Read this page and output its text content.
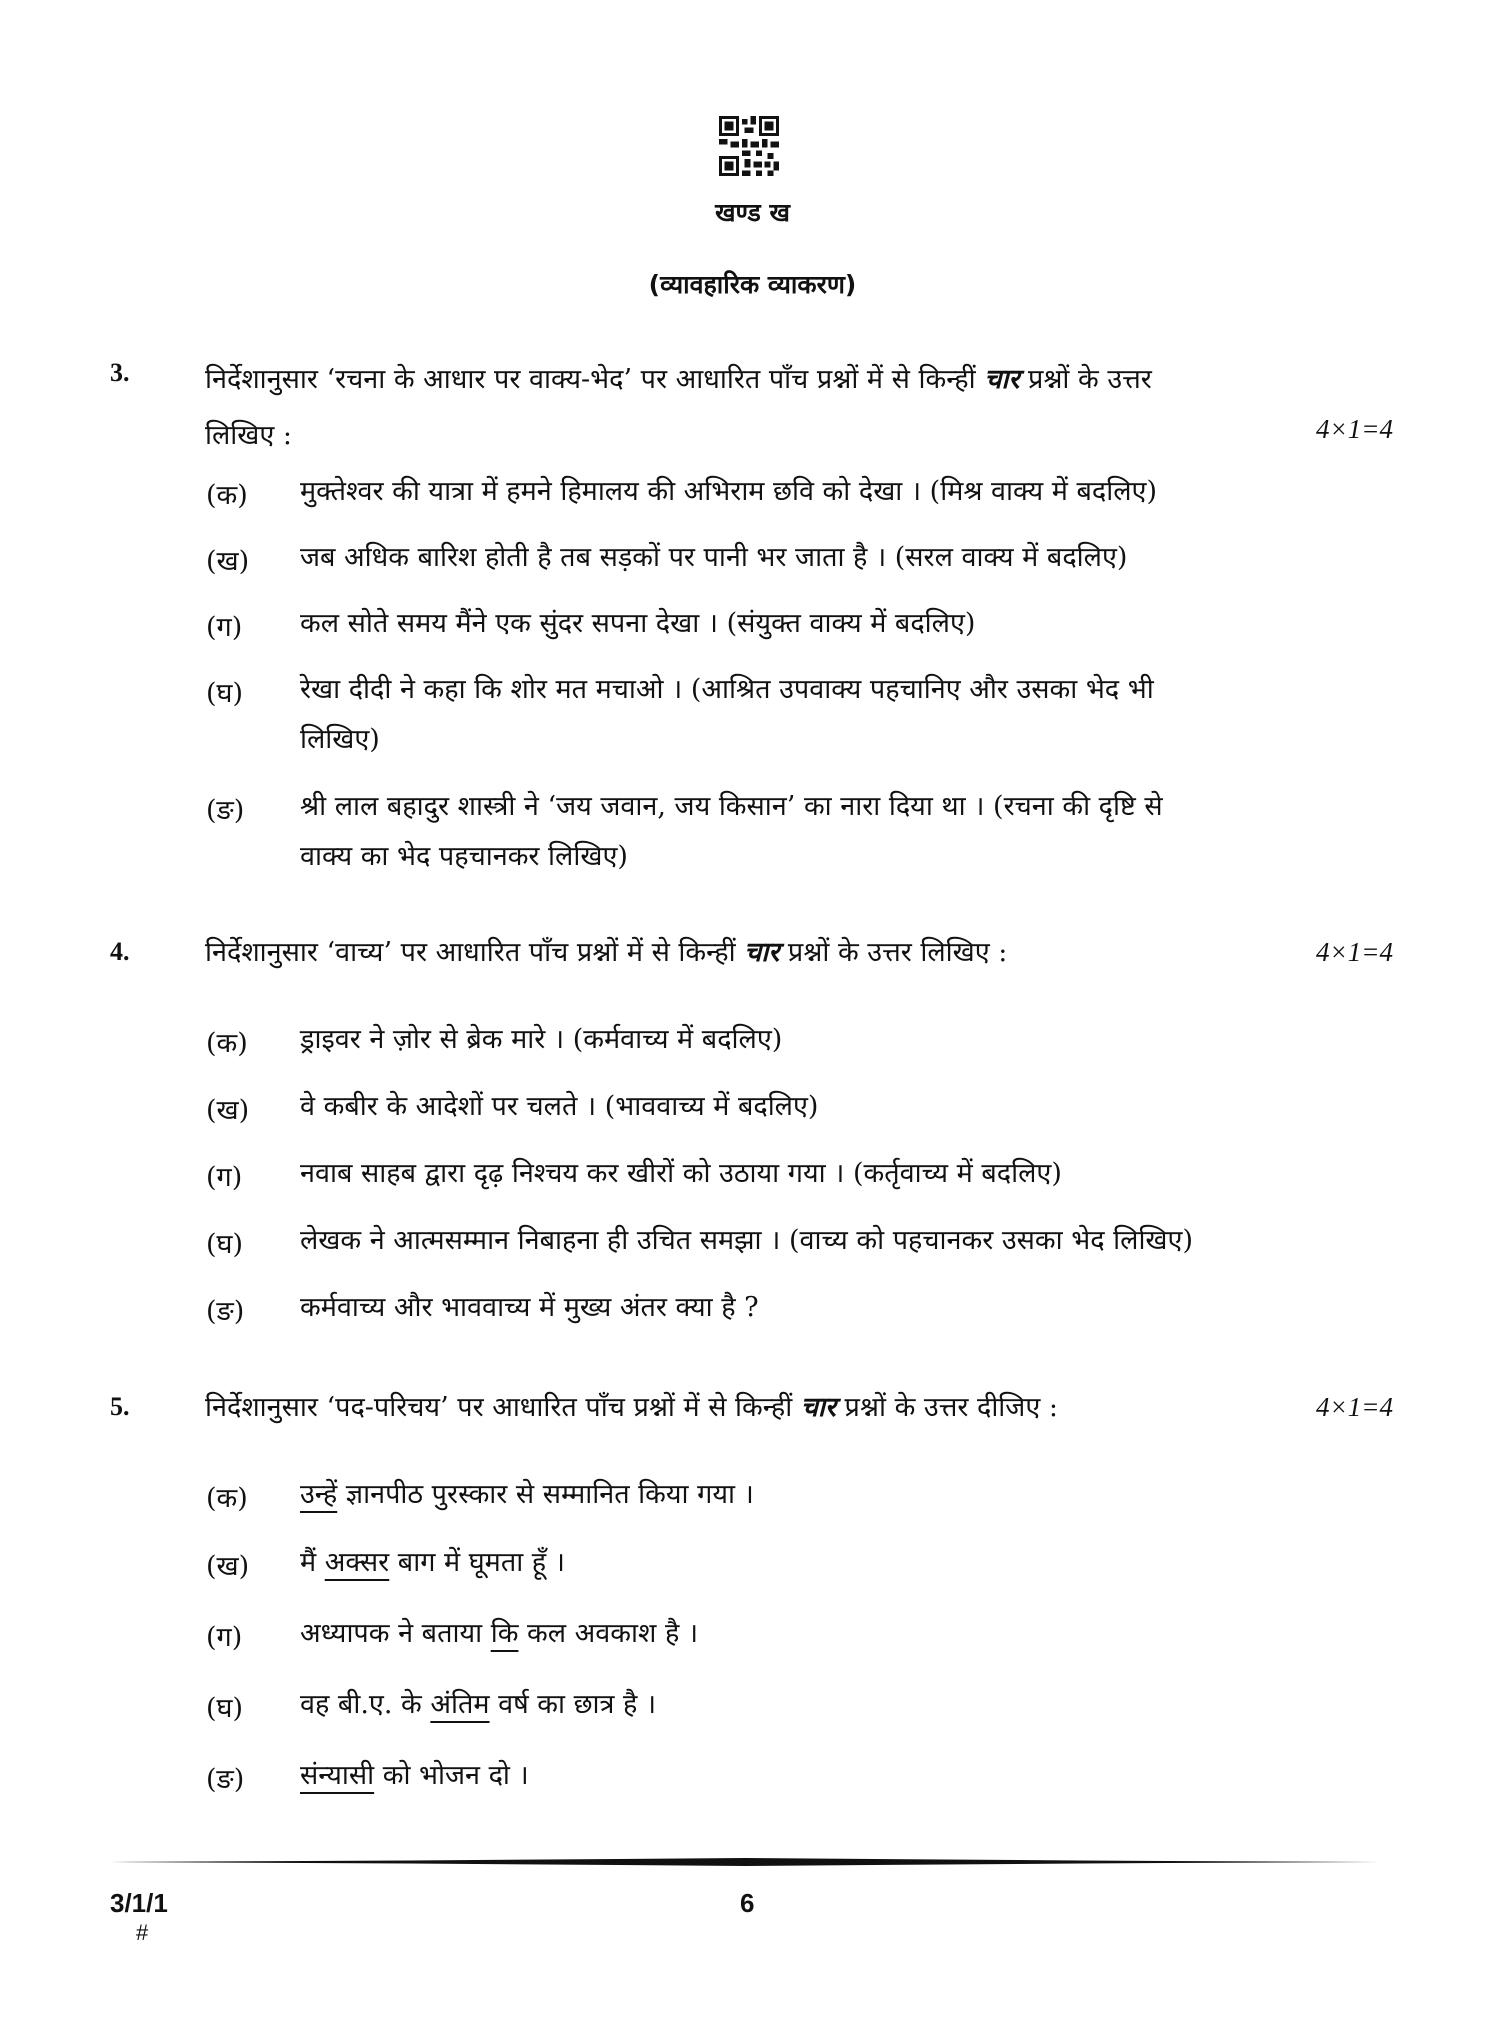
खण्ड ख
(व्यावहारिक व्याकरण)
3.	निर्देशानुसार ‘रचना के आधार पर वाक्य-भेद’ पर आधारित पाँच प्रश्नों में से किन्हीं चार प्रश्नों के उत्तर
लिखिए :	4×1=4
(क) मुक्तेश्वर की यात्रा में हमने हिमालय की अभिराम छवि को देखा । (मिश्र वाक्य में बदलिए)
(ख) जब अधिक बारिश होती है तब सड़कों पर पानी भर जाता है । (सरल वाक्य में बदलिए)
(ग) कल सोते समय मैंने एक सुंदर सपना देखा । (संयुक्त वाक्य में बदलिए)
(घ) रेखा दीदी ने कहा कि शोर मत मचाओ । (आश्रित उपवाक्य पहचानिए और उसका भेद भी
लिखिए)
(ङ) श्री लाल बहादुर शास्त्री ने ‘जय जवान, जय किसान’ का नारा दिया था । (रचना की दृष्टि से
वाक्य का भेद पहचानकर लिखिए)
4.	निर्देशानुसार ‘वाच्य’ पर आधारित पाँच प्रश्नों में से किन्हीं चार प्रश्नों के उत्तर लिखिए :	4×1=4
(क) ड्राइवर ने ज़ोर से ब्रेक मारे । (कर्मवाच्य में बदलिए)
(ख) वे कबीर के आदेशों पर चलते । (भाववाच्य में बदलिए)
(ग) नवाब साहब द्वारा दृढ़ निश्चय कर खीरों को उठाया गया । (कर्तृवाच्य में बदलिए)
(घ) लेखक ने आत्मसम्मान निबाहना ही उचित समझा । (वाच्य को पहचानकर उसका भेद लिखिए)
(ङ) कर्मवाच्य और भाववाच्य में मुख्य अंतर क्या है ?
5.	निर्देशानुसार ‘पद-परिचय’ पर आधारित पाँच प्रश्नों में से किन्हीं चार प्रश्नों के उत्तर दीजिए :	4×1=4
(क) उन्हें ज्ञानपीठ पुरस्कार से सम्मानित किया गया ।
(ख) मैं अक्सर बाग में घूमता हूँ ।
(ग) अध्यापक ने बताया कि कल अवकाश है ।
(घ) वह बी.ए. के अंतिम वर्ष का छात्र है ।
(ङ) संन्यासी को भोजन दो ।
3/1/1
#
6
